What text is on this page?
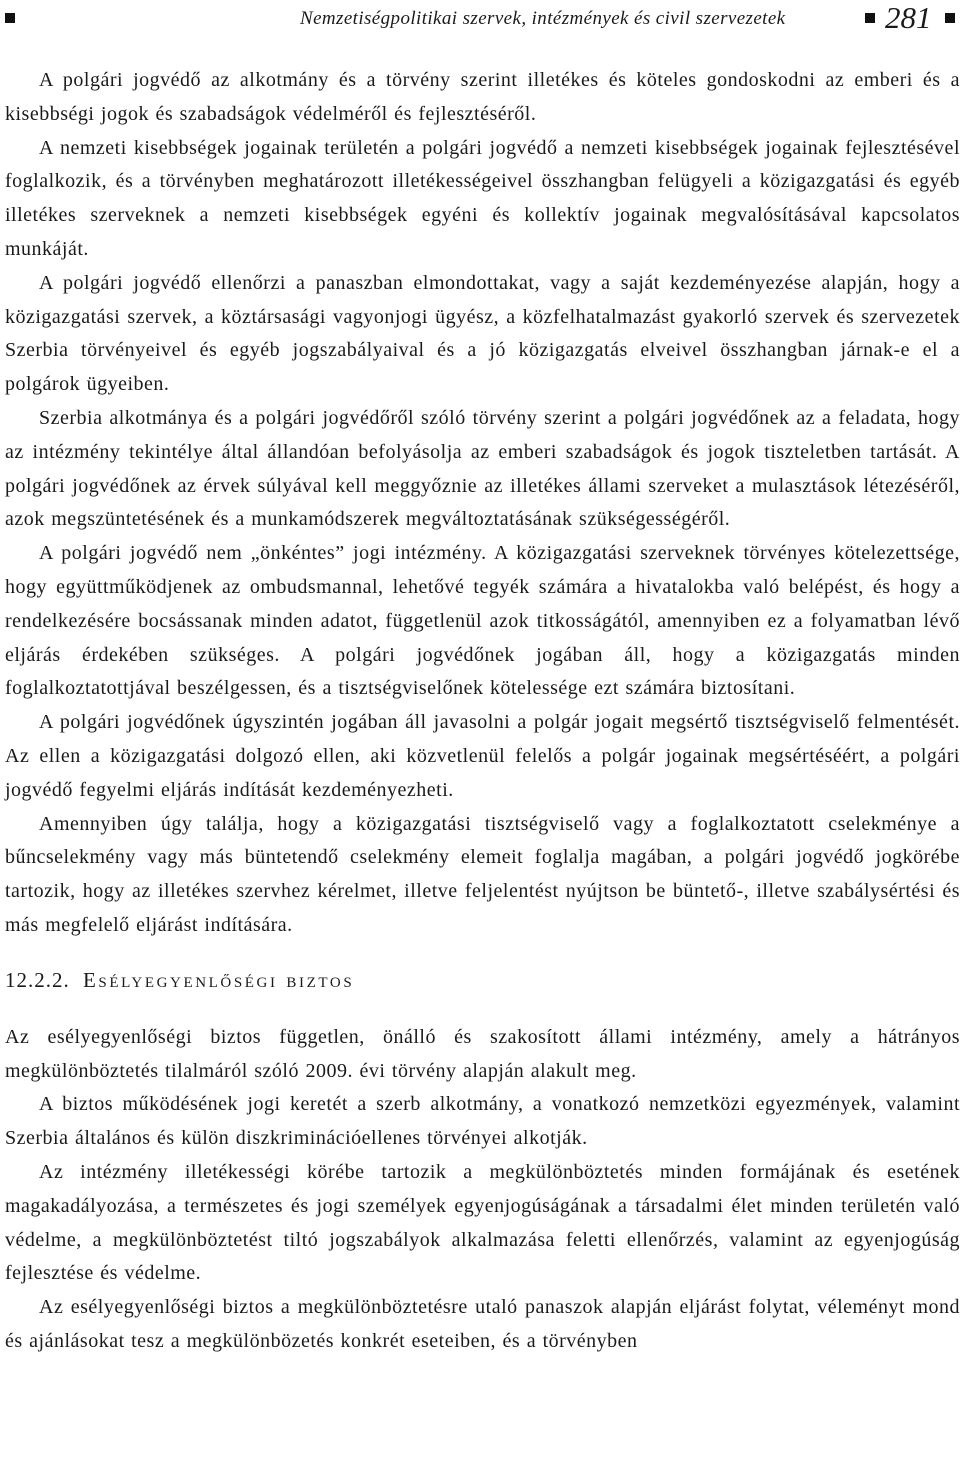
Nemzetiségpolitikai szervek, intézmények és civil szervezetek	281

A polgári jogvédő az alkotmány és a törvény szerint illetékes és köteles gondoskodni az emberi és a kisebbségi jogok és szabadságok védelméről és fejlesztéséről.

A nemzeti kisebbségek jogainak területén a polgári jogvédő a nemzeti kisebbségek jogainak fejlesztésével foglalkozik, és a törvényben meghatározott illetékességeivel összhangban felügyeli a közigazgatási és egyéb illetékes szerveknek a nemzeti kisebbségek egyéni és kollektív jogainak megvalósításával kapcsolatos munkáját.

A polgári jogvédő ellenőrzi a panaszban elmondottakat, vagy a saját kezdeményezése alapján, hogy a közigazgatási szervek, a köztársasági vagyonjogi ügyész, a közfelhatalmazást gyakorló szervek és szervezetek Szerbia törvényeivel és egyéb jogszabályaival és a jó közigazgatás elveivel összhangban járnak-e el a polgárok ügyeiben.

Szerbia alkotmánya és a polgári jogvédőről szóló törvény szerint a polgári jogvédőnek az a feladata, hogy az intézmény tekintélye által állandóan befolyásolja az emberi szabadságok és jogok tiszteletben tartását. A polgári jogvédőnek az érvek súlyával kell meggyőznie az illetékes állami szerveket a mulasztások létezéséről, azok megszüntetésének és a munkamódszerek megváltoztatásának szükségességéről.

A polgári jogvédő nem „önkéntes” jogi intézmény. A közigazgatási szerveknek törvényes kötelezettsége, hogy együttműködjenek az ombudsmannal, lehetővé tegyék számára a hivatalokba való belépést, és hogy a rendelkezésére bocsássanak minden adatot, függetlenül azok titkosságától, amennyiben ez a folyamatban lévő eljárás érdekében szükséges. A polgári jogvédőnek jogában áll, hogy a közigazgatás minden foglalkoztatottjával beszélgessen, és a tisztségviselőnek kötelessége ezt számára biztosítani.

A polgári jogvédőnek úgyszintén jogában áll javasolni a polgár jogait megsértő tisztségviselő felmentését. Az ellen a közigazgatási dolgozó ellen, aki közvetlenül felelős a polgár jogainak megsértéséért, a polgári jogvédő fegyelmi eljárás indítását kezdeményezheti.

Amennyiben úgy találja, hogy a közigazgatási tisztségviselő vagy a foglalkoztatott cselekménye a bűncselekmény vagy más büntetendő cselekmény elemeit foglalja magában, a polgári jogvédő jogkörébe tartozik, hogy az illetékes szervhez kérelmet, illetve feljelentést nyújtson be büntető-, illetve szabálysértési és más megfelelő eljárást indítására.

12.2.2. Esélyegyenlőségi biztos

Az esélyegyenlőségi biztos független, önálló és szakosított állami intézmény, amely a hátrányos megkülönböztetés tilalmáról szóló 2009. évi törvény alapján alakult meg.

A biztos működésének jogi keretét a szerb alkotmány, a vonatkozó nemzetközi egyezmények, valamint Szerbia általános és külön diszkriminációellenes törvényei alkotják.

Az intézmény illetékességi körébe tartozik a megkülönböztetés minden formájának és esetének magakadályozása, a természetes és jogi személyek egyenjogúságának a társadalmi élet minden területén való védelme, a megkülönböztetést tiltó jogszabályok alkalmazása feletti ellenőrzés, valamint az egyenjogúság fejlesztése és védelme.

Az esélyegyenlőségi biztos a megkülönböztetésre utaló panaszok alapján eljárást folytat, véleményt mond és ajánlásokat tesz a megkülönbözetés konkrét eseteiben, és a törvényben
